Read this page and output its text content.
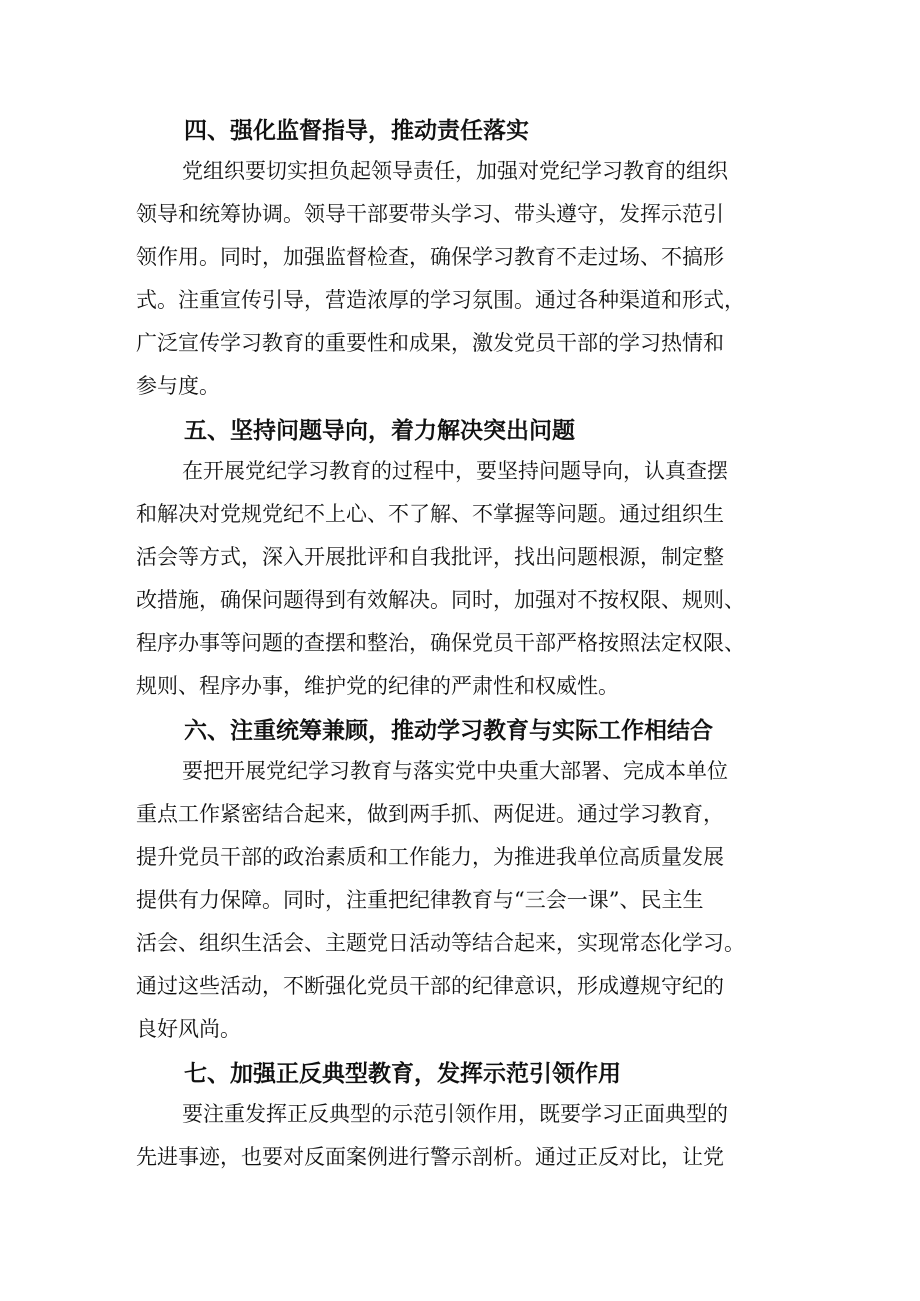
四、强化监督指导，推动责任落实

党组织要切实担负起领导责任，加强对党纪学习教育的组织

领导和统筹协调。领导干部要带头学习、带头遵守，发挥示范引

领作用。同时，加强监督检查，确保学习教育不走过场、不搞形

式。注重宣传引导，营造浓厚的学习氛围。通过各种渠道和形式，

广泛宣传学习教育的重要性和成果，激发党员干部的学习热情和

参与度。

五、坚持问题导向，着力解决突出问题

在开展党纪学习教育的过程中，要坚持问题导向，认真查摆

和解决对党规党纪不上心、不了解、不掌握等问题。通过组织生

活会等方式，深入开展批评和自我批评，找出问题根源，制定整

改措施，确保问题得到有效解决。同时，加强对不按权限、规则、

程序办事等问题的查摆和整治，确保党员干部严格按照法定权限、

规则、程序办事，维护党的纪律的严肃性和权威性。

六、注重统筹兼顾，推动学习教育与实际工作相结合

要把开展党纪学习教育与落实党中央重大部署、完成本单位

重点工作紧密结合起来，做到两手抓、两促进。通过学习教育，

提升党员干部的政治素质和工作能力，为推进我单位高质量发展

提供有力保障。同时，注重把纪律教育与“三会一课”、民主生

活会、组织生活会、主题党日活动等结合起来，实现常态化学习。

通过这些活动，不断强化党员干部的纪律意识，形成遵规守纪的

良好风尚。

七、加强正反典型教育，发挥示范引领作用

要注重发挥正反典型的示范引领作用，既要学习正面典型的

先进事迹，也要对反面案例进行警示剖析。通过正反对比，让党
